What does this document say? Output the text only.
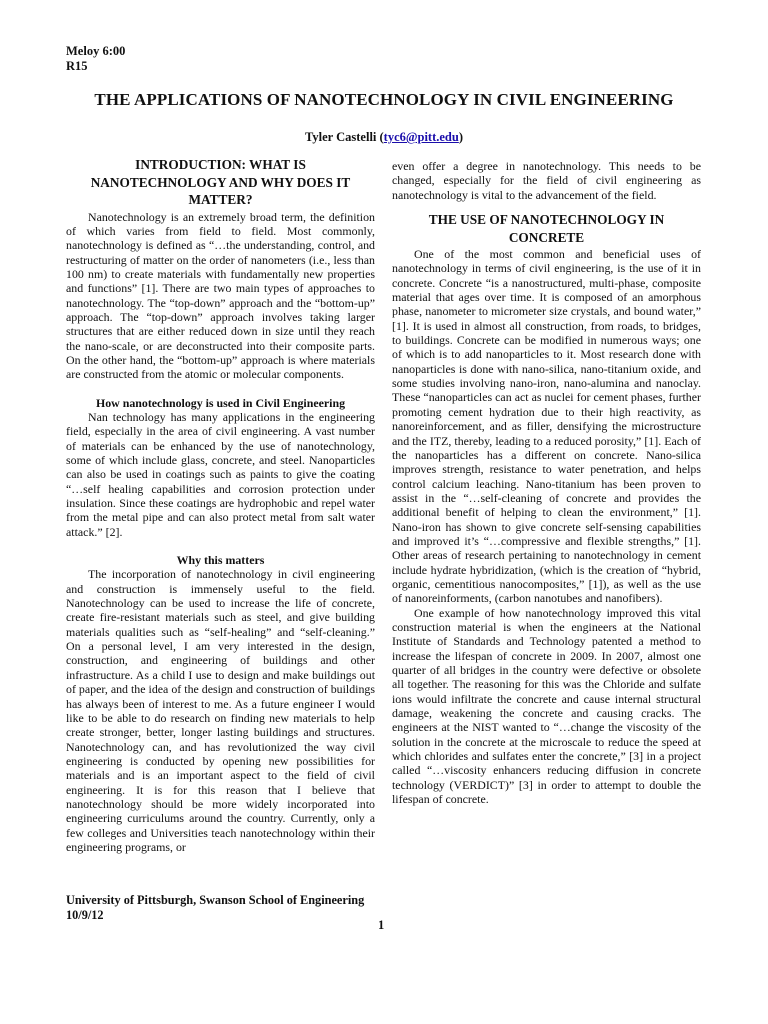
Meloy 6:00
R15
THE APPLICATIONS OF NANOTECHNOLOGY IN CIVIL ENGINEERING
Tyler Castelli (tyc6@pitt.edu)
INTRODUCTION: WHAT IS NANOTECHNOLOGY AND WHY DOES IT MATTER?

Nanotechnology is an extremely broad term, the definition of which varies from field to field. Most commonly, nanotechnology is defined as “…the understanding, control, and restructuring of matter on the order of nanometers (i.e., less than 100 nm) to create materials with fundamentally new properties and functions” [1]. There are two main types of approaches to nanotechnology. The “top-down” approach and the “bottom-up” approach. The “top-down” approach involves taking larger structures that are either reduced down in size until they reach the nano-scale, or are deconstructed into their composite parts. On the other hand, the “bottom-up” approach is where materials are constructed from the atomic or molecular components.

How nanotechnology is used in Civil Engineering

Nan technology has many applications in the engineering field, especially in the area of civil engineering. A vast number of materials can be enhanced by the use of nanotechnology, some of which include glass, concrete, and steel. Nanoparticles can also be used in coatings such as paints to give the coating “…self healing capabilities and corrosion protection under insulation. Since these coatings are hydrophobic and repel water from the metal pipe and can also protect metal from salt water attack.” [2].

Why this matters

The incorporation of nanotechnology in civil engineering and construction is immensely useful to the field. Nanotechnology can be used to increase the life of concrete, create fire-resistant materials such as steel, and give building materials qualities such as “self-healing” and “self-cleaning.” On a personal level, I am very interested in the design, construction, and engineering of buildings and other infrastructure. As a child I use to design and make buildings out of paper, and the idea of the design and construction of buildings has always been of interest to me. As a future engineer I would like to be able to do research on finding new materials to help create stronger, better, longer lasting buildings and structures. Nanotechnology can, and has revolutionized the way civil engineering is conducted by opening new possibilities for materials and is an important aspect to the field of civil engineering. It is for this reason that I believe that nanotechnology should be more widely incorporated into engineering curriculums around the country. Currently, only a few colleges and Universities teach nanotechnology within their engineering programs, or

even offer a degree in nanotechnology. This needs to be changed, especially for the field of civil engineering as nanotechnology is vital to the advancement of the field.

THE USE OF NANOTECHNOLOGY IN CONCRETE

One of the most common and beneficial uses of nanotechnology in terms of civil engineering, is the use of it in concrete. Concrete “is a nanostructured, multi-phase, composite material that ages over time. It is composed of an amorphous phase, nanometer to micrometer size crystals, and bound water,” [1]. It is used in almost all construction, from roads, to bridges, to buildings. Concrete can be modified in numerous ways; one of which is to add nanoparticles to it. Most research done with nanoparticles is done with nano-silica, nano-titanium oxide, and some studies involving nano-iron, nano-alumina and nanoclay. These “nanoparticles can act as nuclei for cement phases, further promoting cement hydration due to their high reactivity, as nanoreinforcement, and as filler, densifying the microstructure and the ITZ, thereby, leading to a reduced porosity,” [1]. Each of the nanoparticles has a different on concrete. Nano-silica improves strength, resistance to water penetration, and helps control calcium leaching. Nano-titanium has been proven to assist in the “…self-cleaning of concrete and provides the additional benefit of helping to clean the environment,” [1]. Nano-iron has shown to give concrete self-sensing capabilities and improved it’s “…compressive and flexible strengths,” [1]. Other areas of research pertaining to nanotechnology in cement include hydrate hybridization, (which is the creation of “hybrid, organic, cementitious nanocomposites,” [1]), as well as the use of nanoreinforments, (carbon nanotubes and nanofibers).

One example of how nanotechnology improved this vital construction material is when the engineers at the National Institute of Standards and Technology patented a method to increase the lifespan of concrete in 2009. In 2007, almost one quarter of all bridges in the country were defective or obsolete all together. The reasoning for this was the Chloride and sulfate ions would infiltrate the concrete and cause internal structural damage, weakening the concrete and causing cracks. The engineers at the NIST wanted to “…change the viscosity of the solution in the concrete at the microscale to reduce the speed at which chlorides and sulfates enter the concrete,” [3] in a project called “…viscosity enhancers reducing diffusion in concrete technology (VERDICT)” [3] in order to attempt to double the lifespan of concrete.

University of Pittsburgh, Swanson School of Engineering
10/9/12
1
